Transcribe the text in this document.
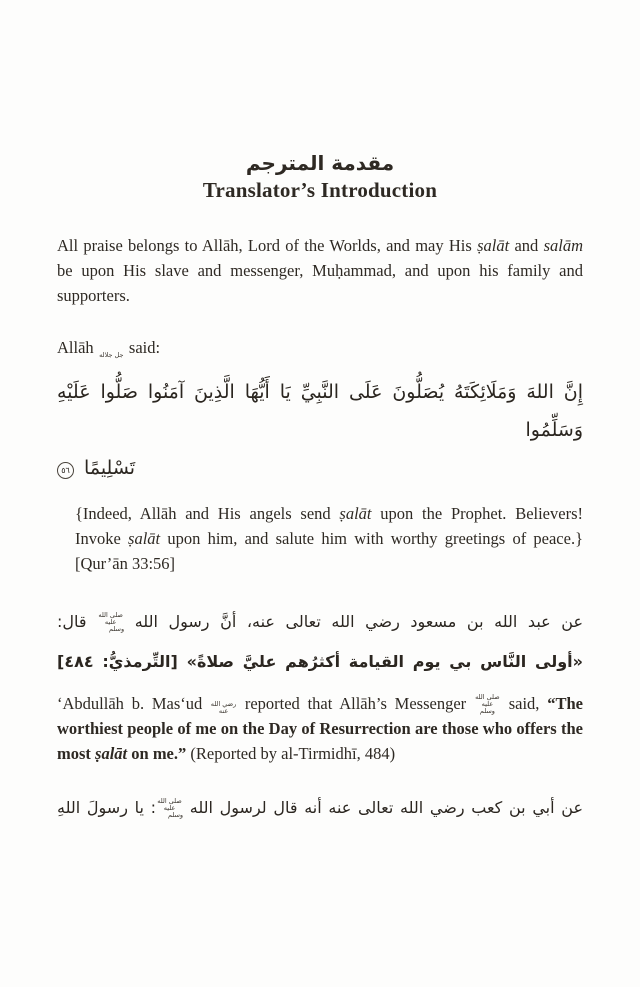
مقدمة المترجم
Translator’s Introduction

All praise belongs to Allāh, Lord of the Worlds, and may His ṣalāt and salām be upon His slave and messenger, Muḥammad, and upon his family and supporters.

Allāh جل جلاله said:

إِنَّ اللهَ وَمَلَائِكَتَهُ يُصَلُّونَ عَلَى النَّبِيِّ يَا أَيُّهَا الَّذِينَ آمَنُوا صَلُّوا عَلَيْهِ وَسَلِّمُوا
تَسْلِيمًا ٥٦

{Indeed, Allāh and His angels send ṣalāt upon the Prophet. Believers! Invoke ṣalāt upon him, and salute him with worthy greetings of peace.} [Qur’ān 33:56]

عن عبد الله بن مسعود رضي الله تعالى عنه، أنَّ رسول الله صلى الله عليه وسلم قال:
«أولى النَّاس بي يوم القيامة أكثرُهم عليَّ صلاةً» [التِّرمذيُّ: ٤٨٤]

‘Abdullāh b. Mas‘ud رضي الله عنه reported that Allāh’s Messenger صلى الله عليه وسلم said, “The worthiest people of me on the Day of Resurrection are those who offers the most ṣalāt on me.” (Reported by al-Tirmidhī, 484)

عن أبي بن كعب رضي الله تعالى عنه أنه قال لرسول الله صلى الله عليه وسلم: يا رسولَ اللهِ
